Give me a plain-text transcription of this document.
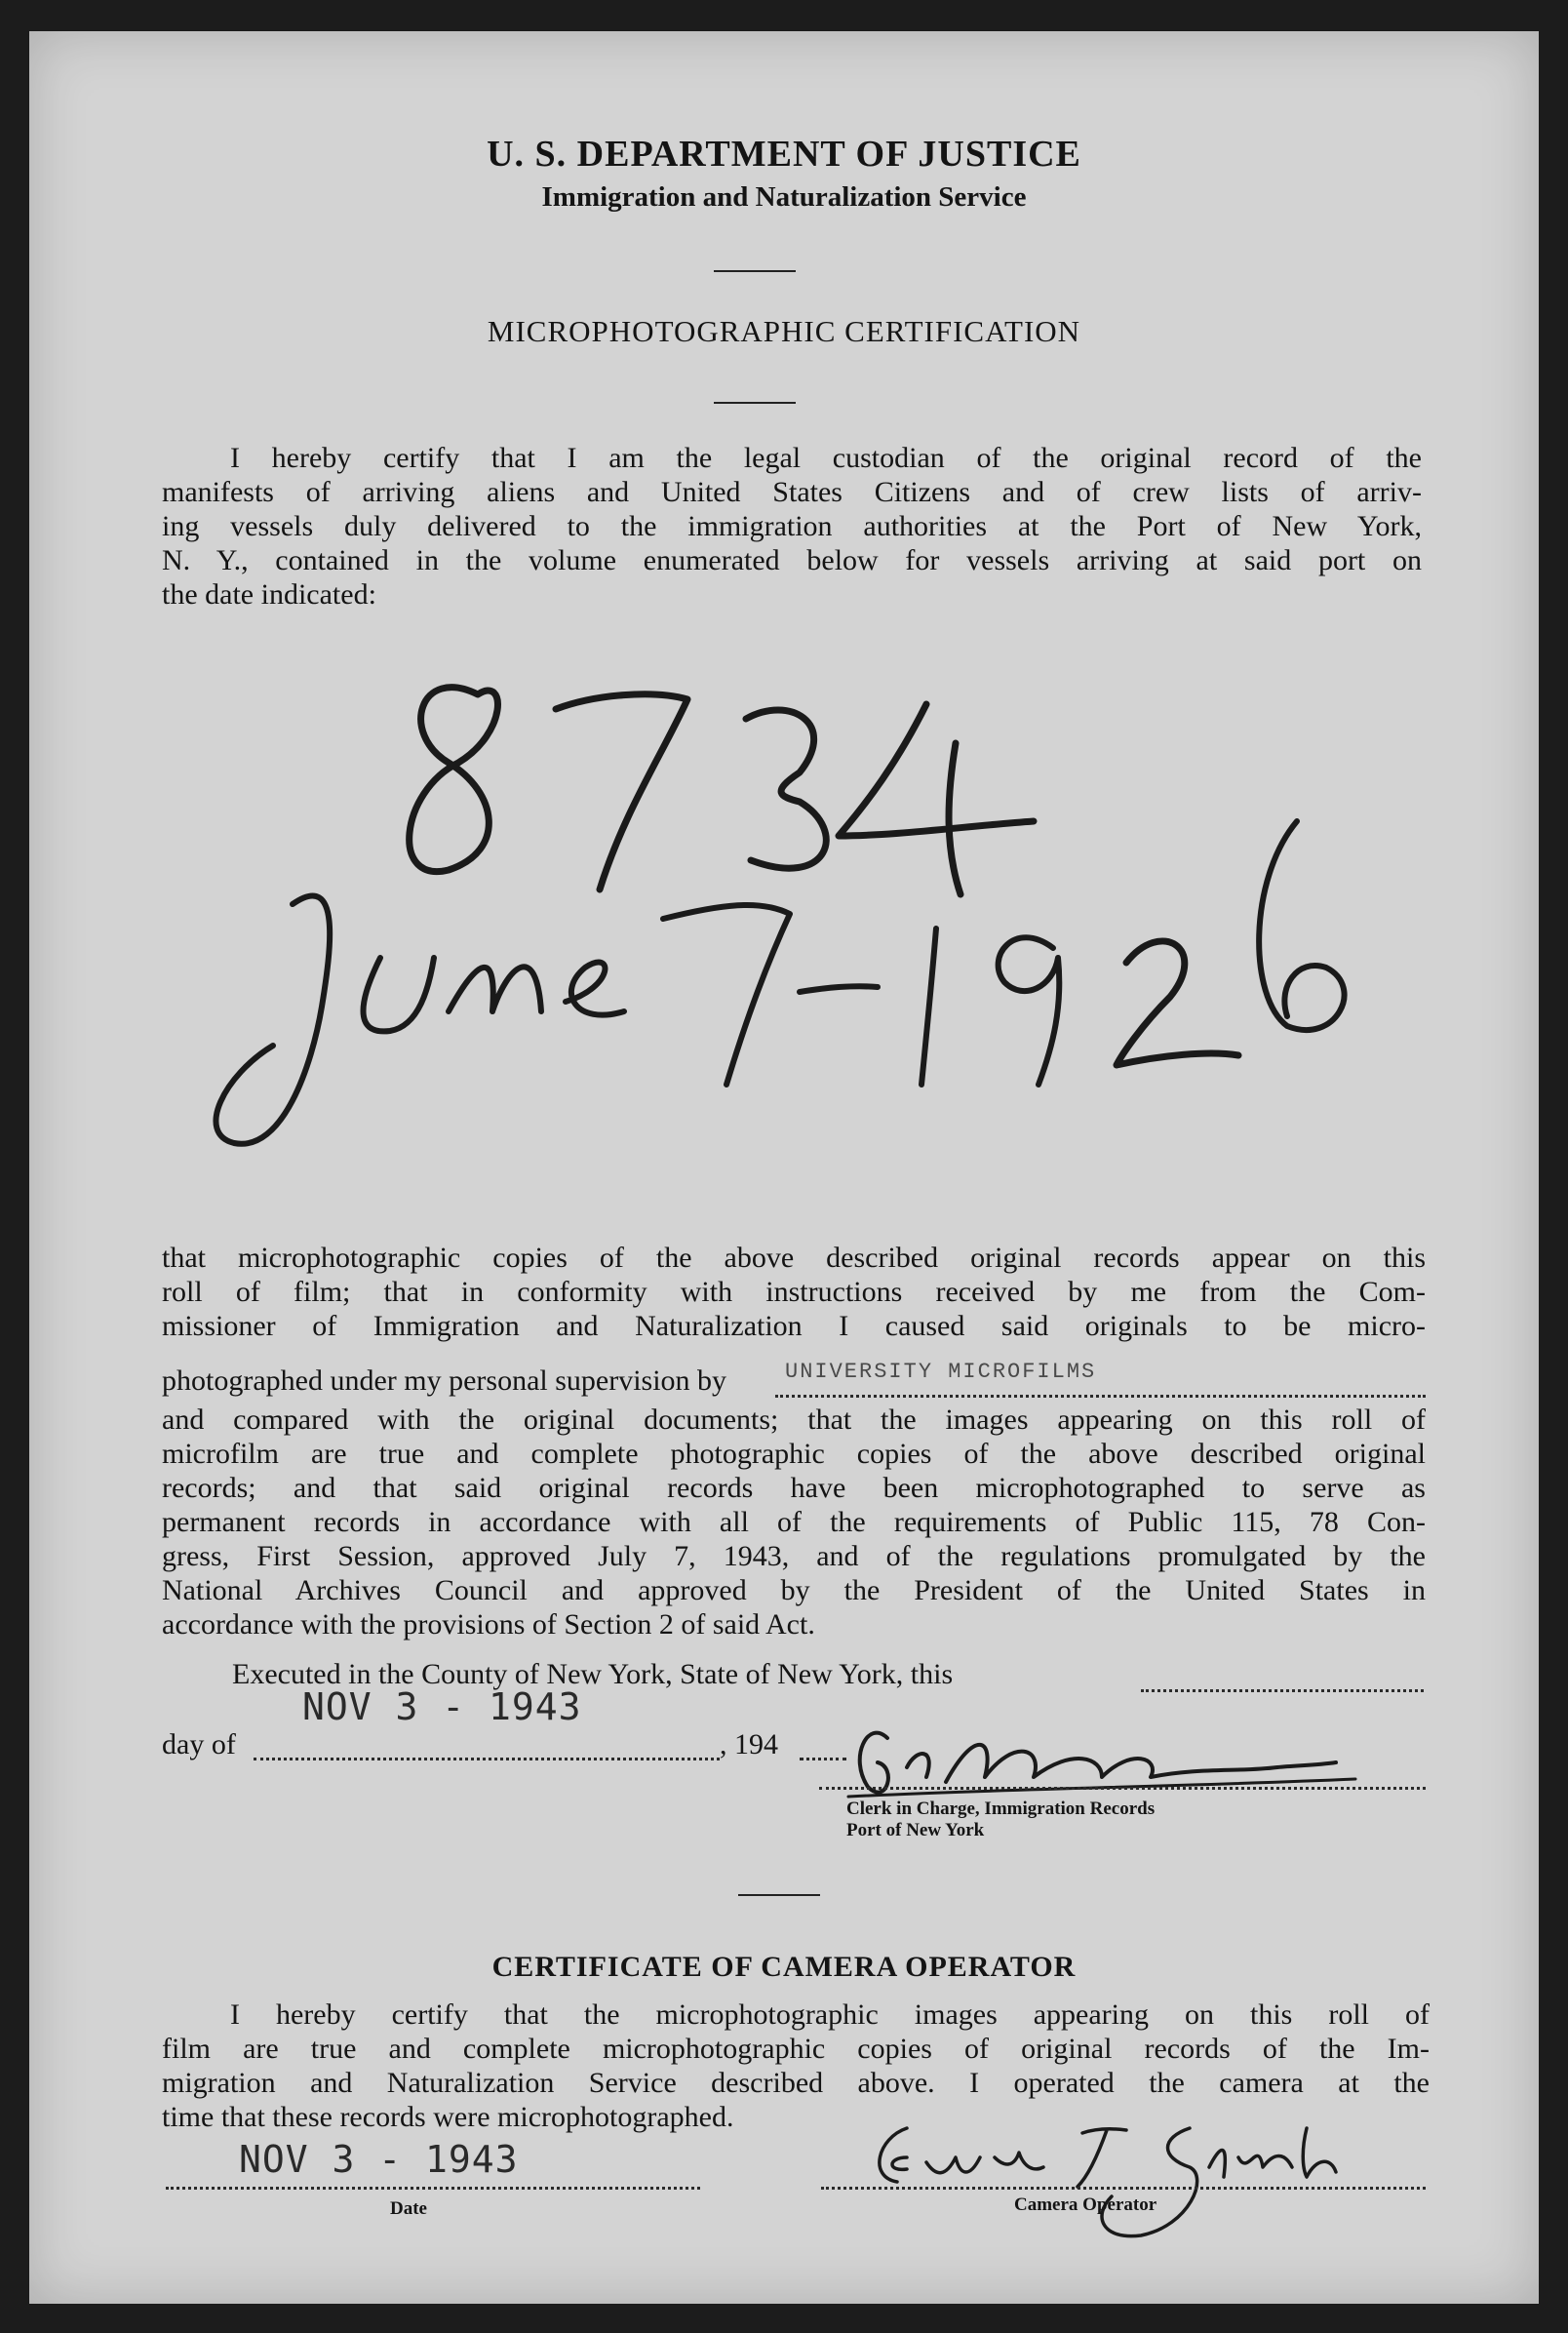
U. S. DEPARTMENT OF JUSTICE
Immigration and Naturalization Service
MICROPHOTOGRAPHIC CERTIFICATION
I hereby certify that I am the legal custodian of the original record of the
manifests of arriving aliens and United States Citizens and of crew lists of arriv-
ing vessels duly delivered to the immigration authorities at the Port of New York,
N. Y., contained in the volume enumerated below for vessels arriving at said port on
the date indicated:
that microphotographic copies of the above described original records appear on this
roll of film; that in conformity with instructions received by me from the Com-
missioner of Immigration and Naturalization I caused said originals to be micro-
photographed under my personal supervision by	UNIVERSITY MICROFILMS
and compared with the original documents; that the images appearing on this roll of
microfilm are true and complete photographic copies of the above described original
records; and that said original records have been microphotographed to serve as
permanent records in accordance with all of the requirements of Public 115, 78 Con-
gress, First Session, approved July 7, 1943, and of the regulations promulgated by the
National Archives Council and approved by the President of the United States in
accordance with the provisions of Section 2 of said Act.
Executed in the County of New York, State of New York, this
day of
NOV 3 - 1943
, 194
Clerk in Charge, Immigration Records
Port of New York
CERTIFICATE OF CAMERA OPERATOR
I hereby certify that the microphotographic images appearing on this roll of
film are true and complete microphotographic copies of original records of the Im-
migration and Naturalization Service described above. I operated the camera at the
time that these records were microphotographed.
NOV 3 - 1943
Date	Camera Operator
